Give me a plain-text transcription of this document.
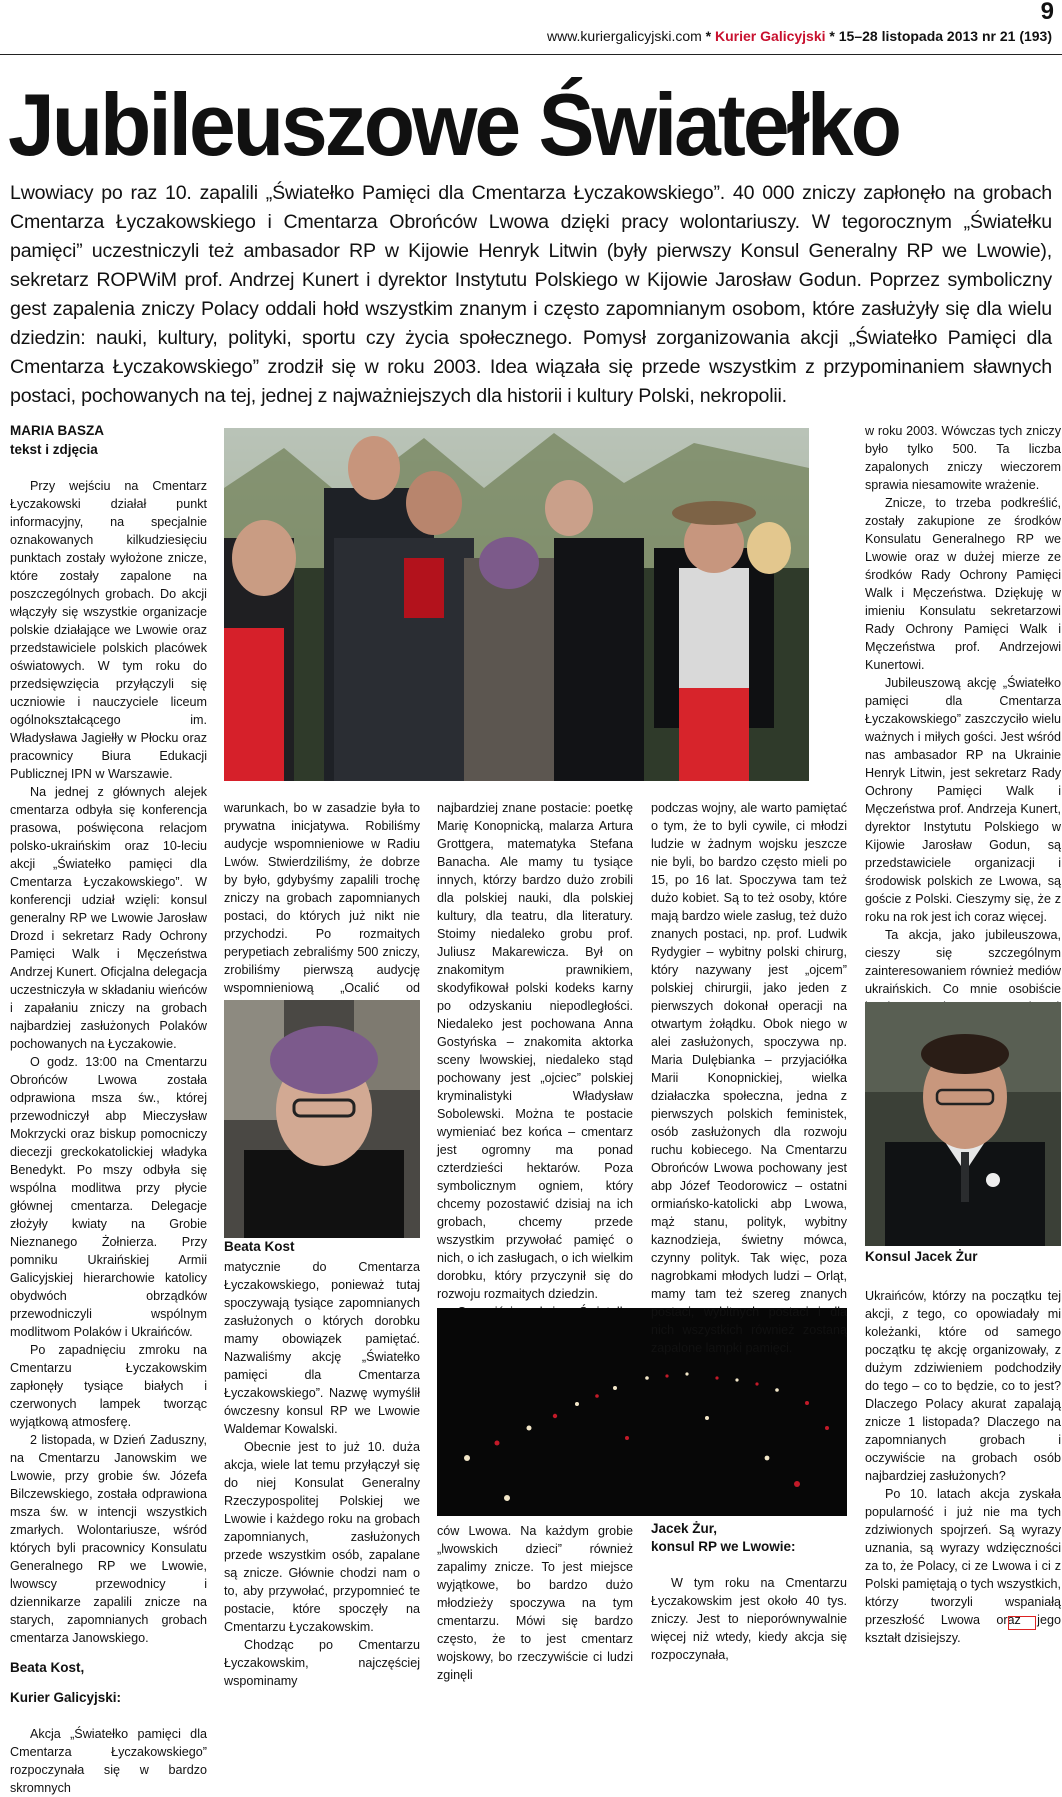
www.kuriergalicyjski.com * Kurier Galicyjski * 15–28 listopada 2013 nr 21 (193)
9
Jubileuszowe Światełko
Lwowiacy po raz 10. zapalili „Światełko Pamięci dla Cmentarza Łyczakowskiego”. 40 000 zniczy zapłonęło na grobach Cmentarza Łyczakowskiego i Cmentarza Obrońców Lwowa dzięki pracy wolontariuszy. W tegorocznym „Światełku pamięci” uczestniczyli też ambasador RP w Kijowie Henryk Litwin (były pierwszy Konsul Generalny RP we Lwowie), sekretarz ROPWiM prof. Andrzej Kunert i dyrektor Instytutu Polskiego w Kijowie Jarosław Godun. Poprzez symboliczny gest zapalenia zniczy Polacy oddali hołd wszystkim znanym i często zapomnianym osobom, które zasłużyły się dla wielu dziedzin: nauki, kultury, polityki, sportu czy życia społecznego. Pomysł zorganizowania akcji „Światełko Pamięci dla Cmentarza Łyczakowskiego” zrodził się w roku 2003. Idea wiązała się przede wszystkim z przypominaniem sławnych postaci, pochowanych na tej, jednej z najważniejszych dla historii i kultury Polski, nekropolii.

MARIA BASZA

tekst i zdjęcia

Przy wejściu na Cmentarz Łyczakowski działał punkt informacyjny, na specjalnie oznakowanych kilkudziesięciu punktach zostały wyłożone znicze, które zostały zapalone na poszczególnych grobach. Do akcji włączyły się wszystkie organizacje polskie działające we Lwowie oraz przedstawiciele polskich placówek oświatowych. W tym roku do przedsięwzięcia przyłączyli się uczniowie i nauczyciele liceum ogólnokształcącego im. Władysława Jagiełły w Płocku oraz pracownicy Biura Edukacji Publicznej IPN w Warszawie.

Na jednej z głównych alejek cmentarza odbyła się konferencja prasowa, poświęcona relacjom polsko-ukraińskim oraz 10-leciu akcji „Światełko pamięci dla Cmentarza Łyczakowskiego”. W konferencji udział wzięli: konsul generalny RP we Lwowie Jarosław Drozd i sekretarz Rady Ochrony Pamięci Walk i Męczeństwa Andrzej Kunert. Oficjalna delegacja uczestniczyła w składaniu wieńców i zapałaniu zniczy na grobach najbardziej zasłużonych Polaków pochowanych na Łyczakowie.

O godz. 13:00 na Cmentarzu Obrońców Lwowa została odprawiona msza św., której przewodniczył abp Mieczysław Mokrzycki oraz biskup pomocniczy diecezji greckokatolickiej władyka Benedykt. Po mszy odbyła się wspólna modlitwa przy płycie głównej cmentarza. Delegacje złożyły kwiaty na Grobie Nieznanego Żołnierza. Przy pomniku Ukraińskiej Armii Galicyjskiej hierarchowie katolicy obydwóch obrządków przewodniczyli wspólnym modlitwom Polaków i Ukraińców.

Po zapadnięciu zmroku na Cmentarzu Łyczakowskim zapłonęły tysiące białych i czerwonych lampek tworząc wyjątkową atmosferę.

2 listopada, w Dzień Zaduszny, na Cmentarzu Janowskim we Lwowie, przy grobie św. Józefa Bilczewskiego, została odprawiona msza św. w intencji wszystkich zmarłych. Wolontariusze, wśród których byli pracownicy Konsulatu Generalnego RP we Lwowie, lwowscy przewodnicy i dziennikarze zapalili znicze na starych, zapomnianych grobach cmentarza Janowskiego.

Beata Kost,

Kurier Galicyjski:

Akcja „Światełko pamięci dla Cmentarza Łyczakowskiego” rozpoczynała się w bardzo skromnych

warunkach, bo w zasadzie była to prywatna inicjatywa. Robiliśmy audycje wspomnieniowe w Radiu Lwów. Stwierdziliśmy, że dobrze by było, gdybyśmy zapalili trochę zniczy na grobach zapomnianych postaci, do których już nikt nie przychodzi. Po rozmaitych perypetiach zebraliśmy 500 zniczy, zrobiliśmy pierwszą audycję wspomnieniową „Ocalić od

Beata Kost

matycznie do Cmentarza Łyczakowskiego, ponieważ tutaj spoczywają tysiące zapomnianych zasłużonych o których dorobku mamy obowiązek pamiętać. Nazwaliśmy akcję „Światełko pamięci dla Cmentarza Łyczakowskiego”. Nazwę wymyślił ówczesny konsul RP we Lwowie Waldemar Kowalski.

Obecnie jest to już 10. duża akcja, wiele lat temu przyłączył się do niej Konsulat Generalny Rzeczypospolitej Polskiej we Lwowie i każdego roku na grobach zapomnianych, zasłużonych przede wszystkim osób, zapalane są znicze. Głównie chodzi nam o to, aby przywołać, przypomnieć te postacie, które spoczęły na Cmentarzu Łyczakowskim.

Chodząc po Cmentarzu Łyczakowskim, najczęściej wspominamy

najbardziej znane postacie: poetkę Marię Konopnicką, malarza Artura Grottgera, matematyka Stefana Banacha. Ale mamy tu tysiące innych, którzy bardzo dużo zrobili dla polskiej nauki, dla polskiej kultury, dla teatru, dla literatury. Stoimy niedaleko grobu prof. Juliusz Makarewicza. Był on znakomitym prawnikiem, skodyfikował polski kodeks karny po odzyskaniu niepodległości. Niedaleko jest pochowana Anna Gostyńska – znakomita aktorka sceny lwowskiej, niedaleko stąd pochowany jest „ojciec” polskiej kryminalistyki Władysław Sobolewski. Można te postacie wymieniać bez końca – cmentarz jest ogromny ma ponad czterdzieści hektarów. Poza symbolicznym ogniem, który chcemy pozostawić dzisiaj na ich grobach, chcemy przede wszystkim przywołać pamięć o nich, o ich zasługach, o ich wielkim dorobku, który przyczynił się do rozwoju rozmaitych dziedzin.

ców Lwowa. Na każdym grobie „lwowskich dzieci” również zapalimy znicze. To jest miejsce wyjątkowe, bo bardzo dużo młodzieży spoczywa na tym cmentarzu. Mówi się bardzo często, że to jest cmentarz wojskowy, bo rzeczywiście ci ludzi zginęli

podczas wojny, ale warto pamiętać o tym, że to byli cywile, ci młodzi ludzie w żadnym wojsku jeszcze nie byli, bo bardzo często mieli po 15, po 16 lat. Spoczywa tam też dużo kobiet. Są to też osoby, które mają bardzo wiele zasług, też dużo znanych postaci, np. prof. Ludwik Rydygier – wybitny polski chirurg, który nazywany jest „ojcem” polskiej chirurgii, jako jeden z pierwszych dokonał operacji na otwartym żołądku. Obok niego w alei zasłużonych, spoczywa np. Maria Dulębianka – przyjaciółka Marii Konopnickiej, wielka działaczka społeczna, jedna z pierwszych polskich feministek, osób zasłużonych dla rozwoju ruchu kobiecego. Na Cmentarzu Obrońców Lwowa pochowany jest abp Józef Teodorowicz – ostatni ormiańsko-katolicki abp Lwowa, mąż stanu, polityk, wybitny kaznodzieja, świetny mówca, czynny polityk. Tak więc, poza nagrobkami młodych ludzi – Orląt, mamy tam też szereg znanych postaci, wybitnych postaci i dla nich wszystkich również zostaną zapalone lampki pamięci.

Jacek Żur,

konsul RP we Lwowie:

W tym roku na Cmentarzu Łyczakowskim jest około 40 tys. zniczy. Jest to nieporównywalnie więcej niż wtedy, kiedy akcja się rozpoczynała,

w roku 2003. Wówczas tych zniczy było tylko 500. Ta liczba zapalonych zniczy wieczorem sprawia niesamowite wrażenie.

Znicze, to trzeba podkreślić, zostały zakupione ze środków Konsulatu Generalnego RP we Lwowie oraz w dużej mierze ze środków Rady Ochrony Pamięci Walk i Męczeństwa. Dziękuję w imieniu Konsulatu sekretarzowi Rady Ochrony Pamięci Walk i Męczeństwa prof. Andrzejowi Kunertowi.

Jubileuszową akcję „Światełko pamięci dla Cmentarza Łyczakowskiego” zaszczyciło wielu ważnych i miłych gości. Jest wśród nas ambasador RP na Ukrainie Henryk Litwin, jest sekretarz Rady Ochrony Pamięci Walk i Męczeństwa prof. Andrzeja Kunert, dyrektor Instytutu Polskiego w Kijowie Jarosław Godun, są przedstawiciele organizacji i środowisk polskich ze Lwowa, są goście z Polski. Cieszymy się, że z roku na rok jest ich coraz więcej.

Ta akcja, jako jubileuszowa, cieszy się szczególnym zainteresowaniem również mediów ukraińskich. Co mnie osobiście

Konsul Jacek Żur

Ukraińców, którzy na początku tej akcji, z tego, co opowiadały mi koleżanki, które od samego początku tę akcję organizowały, z dużym zdziwieniem podchodziły do tego – co to będzie, co to jest? Dlaczego Polacy akurat zapalają znicze 1 listopada? Dlaczego na zapomnianych grobach i oczywiście na grobach osób najbardziej zasłużonych?

Po 10. latach akcja zyskała popularność i już nie ma tych zdziwionych spojrzeń. Są wyrazy uznania, są wyrazy wdzięczności za to, że Polacy, ci ze Lwowa i ci z Polski pamiętają o tych wszystkich, którzy tworzyli wspaniałą przeszłość Lwowa oraz jego kształt dzisiejszy.
